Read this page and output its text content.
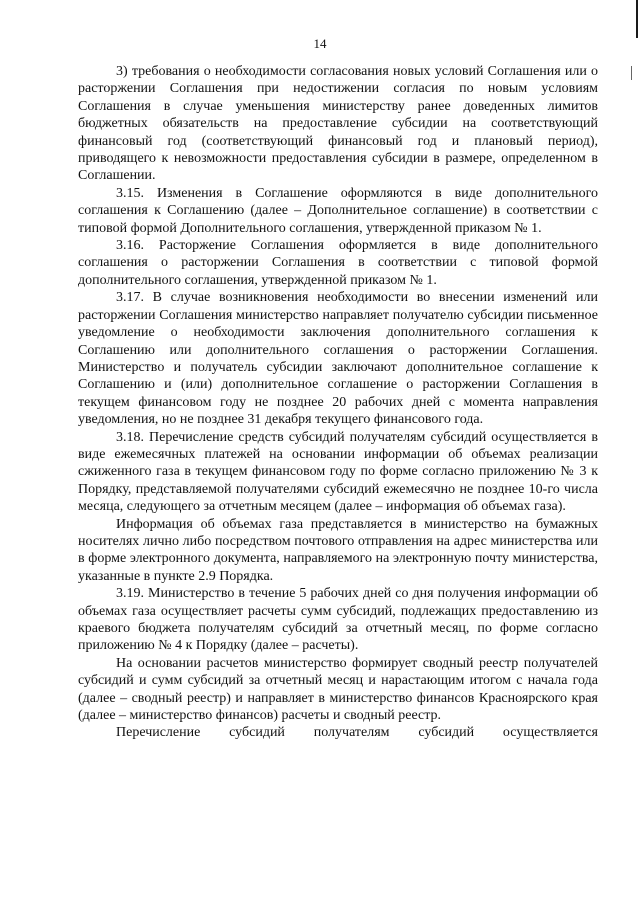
14

3) требования о необходимости согласования новых условий Соглашения или о расторжении Соглашения при недостижении согласия по новым условиям Соглашения в случае уменьшения министерству ранее доведенных лимитов бюджетных обязательств на предоставление субсидии на соответствующий финансовый год (соответствующий финансовый год и плановый период), приводящего к невозможности предоставления субсидии в размере, определенном в Соглашении.

3.15. Изменения в Соглашение оформляются в виде дополнительного соглашения к Соглашению (далее – Дополнительное соглашение) в соответствии с типовой формой Дополнительного соглашения, утвержденной приказом № 1.

3.16. Расторжение Соглашения оформляется в виде дополнительного соглашения о расторжении Соглашения в соответствии с типовой формой дополнительного соглашения, утвержденной приказом № 1.

3.17. В случае возникновения необходимости во внесении изменений или расторжении Соглашения министерство направляет получателю субсидии письменное уведомление о необходимости заключения дополнительного соглашения к Соглашению или дополнительного соглашения о расторжении Соглашения. Министерство и получатель субсидии заключают дополнительное соглашение к Соглашению и (или) дополнительное соглашение о расторжении Соглашения в текущем финансовом году не позднее 20 рабочих дней с момента направления уведомления, но не позднее 31 декабря текущего финансового года.

3.18. Перечисление средств субсидий получателям субсидий осуществляется в виде ежемесячных платежей на основании информации об объемах реализации сжиженного газа в текущем финансовом году по форме согласно приложению № 3 к Порядку, представляемой получателями субсидий ежемесячно не позднее 10-го числа месяца, следующего за отчетным месяцем (далее – информация об объемах газа).

Информация об объемах газа представляется в министерство на бумажных носителях лично либо посредством почтового отправления на адрес министерства или в форме электронного документа, направляемого на электронную почту министерства, указанные в пункте 2.9 Порядка.

3.19. Министерство в течение 5 рабочих дней со дня получения информации об объемах газа осуществляет расчеты сумм субсидий, подлежащих предоставлению из краевого бюджета получателям субсидий за отчетный месяц, по форме согласно приложению № 4 к Порядку (далее – расчеты).

На основании расчетов министерство формирует сводный реестр получателей субсидий и сумм субсидий за отчетный месяц и нарастающим итогом с начала года (далее – сводный реестр) и направляет в министерство финансов Красноярского края (далее – министерство финансов) расчеты и сводный реестр.

Перечисление субсидий получателям субсидий осуществляется
